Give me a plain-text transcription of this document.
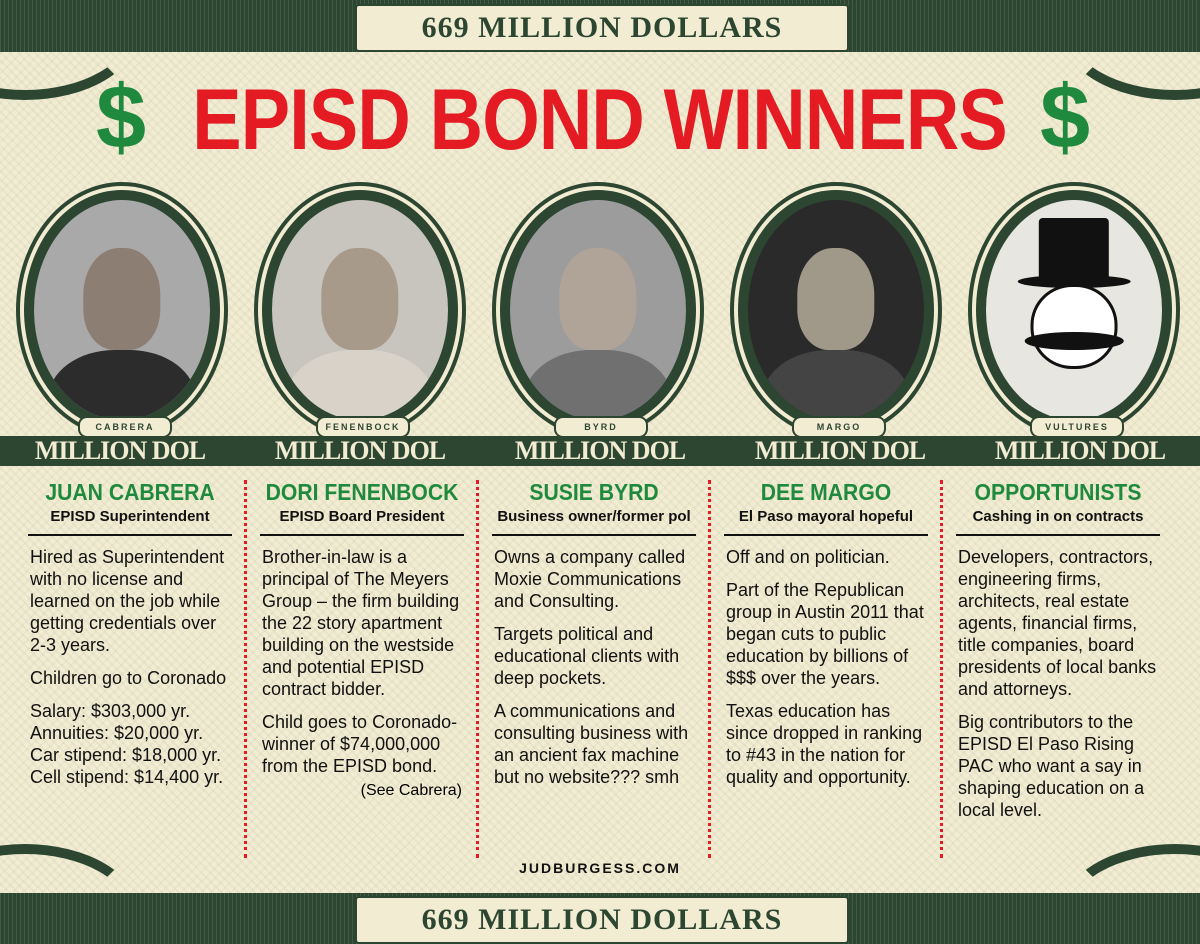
669 MILLION DOLLARS
669 MILLION DOLLARS
$	$
EPISD BOND WINNERS
CABRERA	FENENBOCK	BYRD	MARGO	VULTURES
MILLION DOL	MILLION DOL	MILLION DOL	MILLION DOL	MILLION DOL
JUAN CABRERA
EPISD Superintendent

Hired as Superintendent with no license and learned on the job while getting credentials over 2-3 years.

Children go to Coronado

Salary: $303,000 yr. Annuities: $20,000 yr. Car stipend: $18,000 yr. Cell stipend: $14,400 yr.

DORI FENENBOCK
EPISD Board President

Brother-in-law is a principal of The Meyers Group – the firm building the 22 story apartment building on the westside and potential EPISD contract bidder.

Child goes to Coronado- winner of $74,000,000 from the EPISD bond.

(See Cabrera)
SUSIE BYRD
Business owner/former pol

Owns a company called Moxie Communications and Consulting.

Targets political and educational clients with deep pockets.

A communications and consulting business with an ancient fax machine but no website??? smh

DEE MARGO
El Paso mayoral hopeful

Off and on politician.

Part of the Republican group in Austin 2011 that began cuts to public education by billions of $$$ over the years.

Texas education has since dropped in ranking to #43 in the nation for quality and opportunity.

OPPORTUNISTS
Cashing in on contracts

Developers, contractors, engineering firms, architects, real estate agents, financial firms, title companies, board presidents of local banks and attorneys.

Big contributors to the EPISD El Paso Rising PAC who want a say in shaping education on a local level.

JUDBURGESS.COM
